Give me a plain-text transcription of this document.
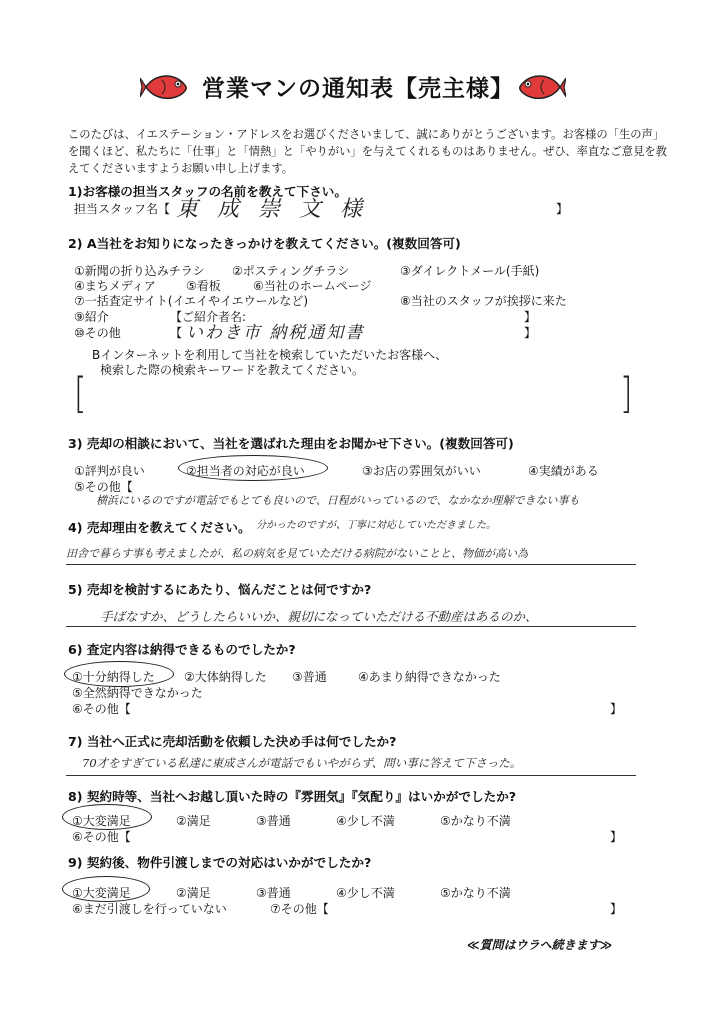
営業マンの通知表【売主様】
このたびは、イエステーション・アドレスをお選びくださいまして、誠にありがとうございます。お客様の「生の声」を聞くほど、私たちに「仕事」と「情熱」と「やりがい」を与えてくれるものはありません。ぜひ、率直なご意見を教えてくださいますようお願い申し上げます。
1)お客様の担当スタッフの名前を教えて下さい。
担当スタッフ名【 東 成 崇 文 様	】
2) A当社をお知りになったきっかけを教えてください。(複数回答可)
①新聞の折り込みチラシ ②ポスティングチラシ	③ダイレクトメール(手紙)
④まちメディア	⑤看板	⑥当社のホームページ
⑦一括査定サイト(イエイやイエウールなど)	⑧当社のスタッフが挨拶に来た
⑨紹介	【ご紹介者名:	】
⑩その他	【 いわき市 納税通知書	】
Bインターネットを利用して当社を検索していただいたお客様へ、
検索した際の検索キーワードを教えてください。
[	]
3) 売却の相談において、当社を選ばれた理由をお聞かせ下さい。(複数回答可)
①評判が良い	②担当者の対応が良い	③お店の雰囲気がいい	④実績がある
⑤その他【
横浜にいるのですが電話でもとても良いので、日程がいっているので、なかなか理解できない事も
4) 売却理由を教えてください。 分かったのですが、丁寧に対応していただきました。
田舎で暮らす事も考えましたが、私の病気を見ていただける病院がないことと、物価が高い為
5) 売却を検討するにあたり、悩んだことは何ですか?
手ばなすか、どうしたらいいか、親切になっていただける不動産はあるのか、
6) 査定内容は納得できるものでしたか?
①十分納得した ②大体納得した ③普通	④あまり納得できなかった
⑤全然納得できなかった
⑥その他【	】
7) 当社へ正式に売却活動を依頼した決め手は何でしたか?
70才をすぎている私達に東成さんが電話でもいやがらず、問い事に答えて下さった。
8) 契約時等、当社へお越し頂いた時の『雰囲気』『気配り』はいかがでしたか?
①大変満足	②満足	③普通	④少し不満	⑤かなり不満
⑥その他【	】
9) 契約後、物件引渡しまでの対応はいかがでしたか?
①大変満足	②満足	③普通	④少し不満	⑤かなり不満
⑥まだ引渡しを行っていない	⑦その他【	】
≪質問はウラへ続きます≫
